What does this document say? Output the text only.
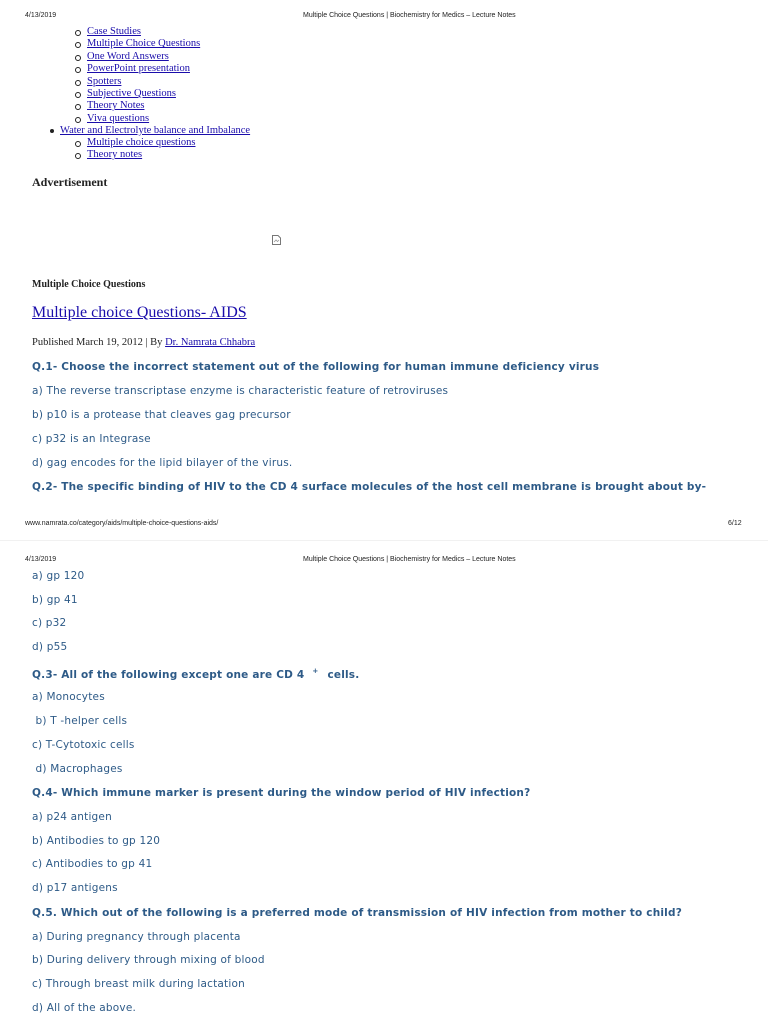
4/13/2019	Multiple Choice Questions | Biochemistry for Medics – Lecture Notes
Case Studies
Multiple Choice Questions
One Word Answers
PowerPoint presentation
Spotters
Subjective Questions
Theory Notes
Viva questions
Water and Electrolyte balance and Imbalance
Multiple choice questions
Theory notes
Advertisement
Multiple Choice Questions
Multiple choice Questions- AIDS
Published March 19, 2012 | By Dr. Namrata Chhabra
Q.1- Choose the incorrect statement out of the following for human immune deficiency virus
a) The reverse transcriptase enzyme is characteristic feature of retroviruses
b) p10 is a protease that cleaves gag precursor
c) p32 is an Integrase
d) gag encodes for the lipid bilayer of the virus.
Q.2- The specific binding of HIV to the CD 4 surface molecules of the host cell membrane is brought about by-
www.namrata.co/category/aids/multiple-choice-questions-aids/	6/12
4/13/2019	Multiple Choice Questions | Biochemistry for Medics – Lecture Notes
a) gp 120
b) gp 41
c) p32
d) p55
Q.3- All of the following except one are CD 4 + cells.
a) Monocytes
b) T -helper cells
c) T-Cytotoxic cells
d) Macrophages
Q.4- Which immune marker is present during the window period of HIV infection?
a) p24 antigen
b) Antibodies to gp 120
c) Antibodies to gp 41
d) p17 antigens
Q.5. Which out of the following is a preferred mode of transmission of HIV infection from mother to child?
a) During pregnancy through placenta
b) During delivery through mixing of blood
c) Through breast milk during lactation
d) All of the above.
